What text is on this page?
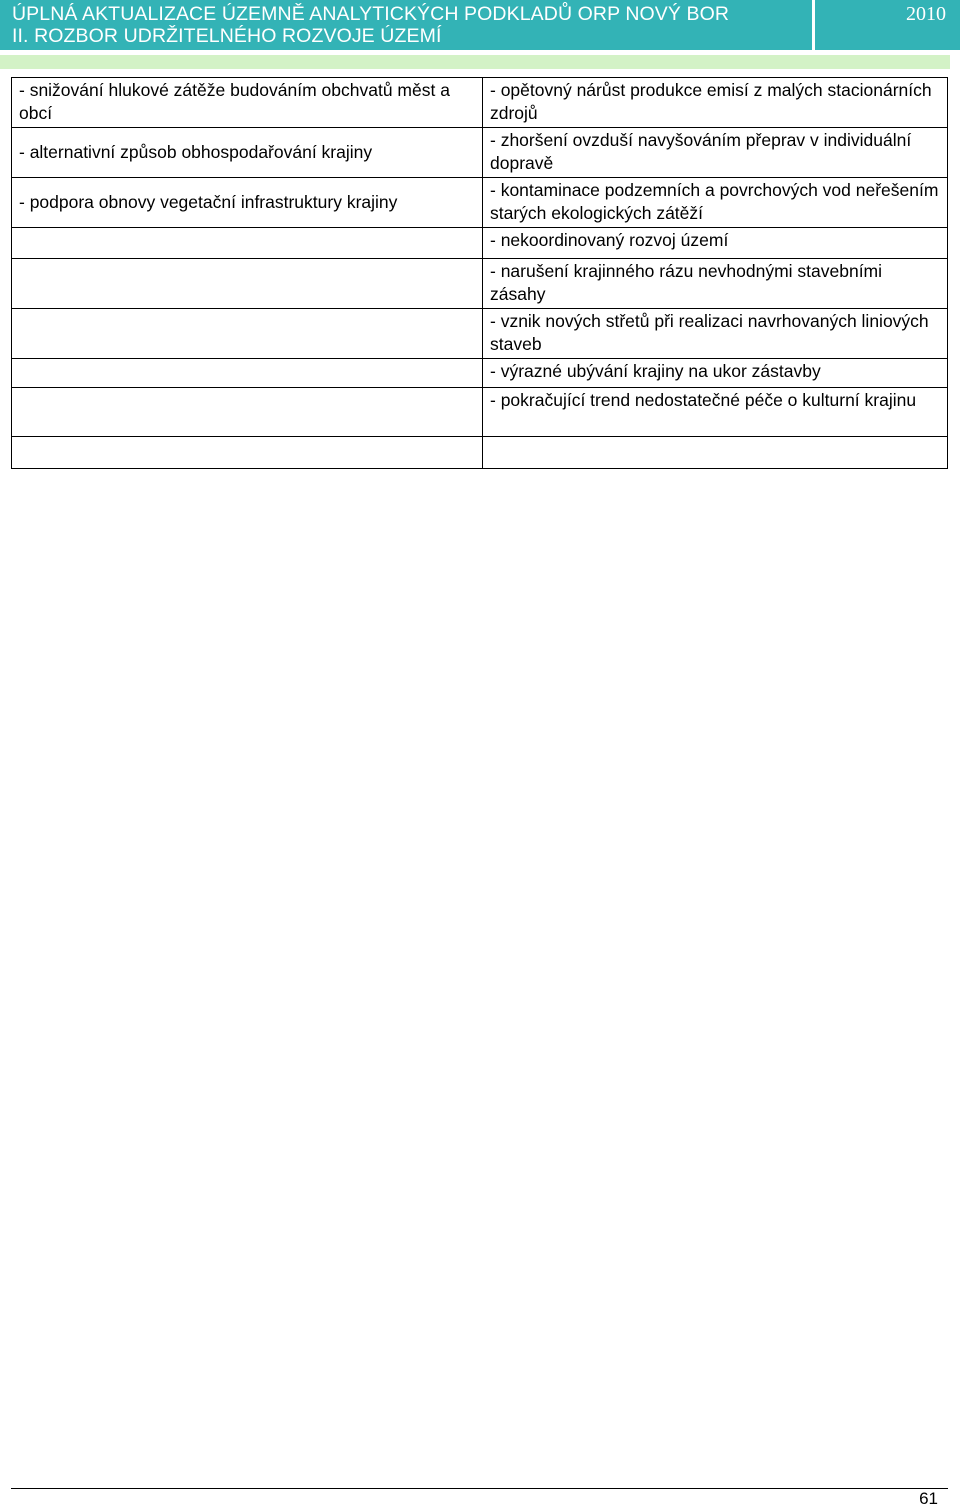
ÚPLNÁ AKTUALIZACE ÚZEMNĚ ANALYTICKÝCH PODKLADŮ ORP NOVÝ BOR
II. ROZBOR UDRŽITELNÉHO ROZVOJE ÚZEMÍ
2010
- snižování hlukové zátěže budováním obchvatů měst a obcí	- opětovný nárůst produkce emisí z malých stacionárních zdrojů
- alternativní způsob obhospodařování krajiny	- zhoršení ovzduší navyšováním přeprav v individuální dopravě
- podpora obnovy vegetační infrastruktury krajiny	- kontaminace podzemních a povrchových vod neřešením starých ekologických zátěží
	- nekoordinovaný rozvoj území
	- narušení krajinného rázu nevhodnými stavebními zásahy
	- vznik nových střetů při realizaci navrhovaných liniových staveb
	- výrazné ubývání krajiny na ukor zástavby
	- pokračující trend nedostatečné péče o kulturní krajinu

61
